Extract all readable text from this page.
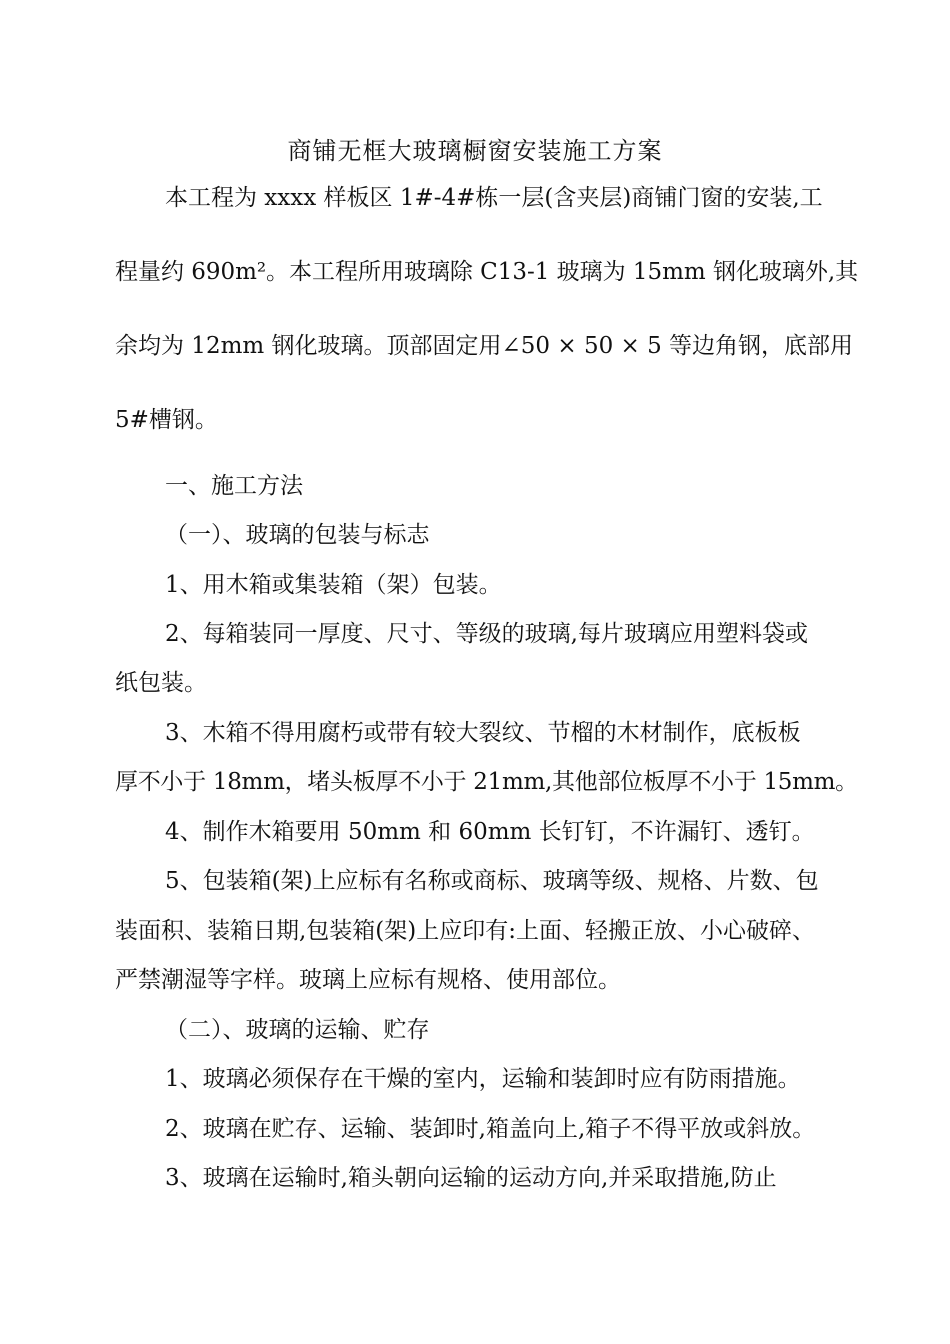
商铺无框大玻璃橱窗安装施工方案
本工程为 xxxx 样板区 1#-4#栋一层(含夹层)商铺门窗的安装,工
程量约 690m²。本工程所用玻璃除 C13-1 玻璃为 15mm 钢化玻璃外,其
余均为 12mm 钢化玻璃。顶部固定用∠50 × 50 × 5 等边角钢，底部用
5#槽钢。
一、施工方法
（一）、玻璃的包装与标志
1、用木箱或集装箱（架）包装。
2、每箱装同一厚度、尺寸、等级的玻璃,每片玻璃应用塑料袋或
纸包装。
3、木箱不得用腐朽或带有较大裂纹、节榴的木材制作，底板板
厚不小于 18mm，堵头板厚不小于 21mm,其他部位板厚不小于 15mm。
4、制作木箱要用 50mm 和 60mm 长钉钉，不许漏钉、透钉。
5、包装箱(架)上应标有名称或商标、玻璃等级、规格、片数、包
装面积、装箱日期,包装箱(架)上应印有:上面、轻搬正放、小心破碎、
严禁潮湿等字样。玻璃上应标有规格、使用部位。
（二）、玻璃的运输、贮存
1、玻璃必须保存在干燥的室内，运输和装卸时应有防雨措施。
2、玻璃在贮存、运输、装卸时,箱盖向上,箱子不得平放或斜放。
3、玻璃在运输时,箱头朝向运输的运动方向,并采取措施,防止
